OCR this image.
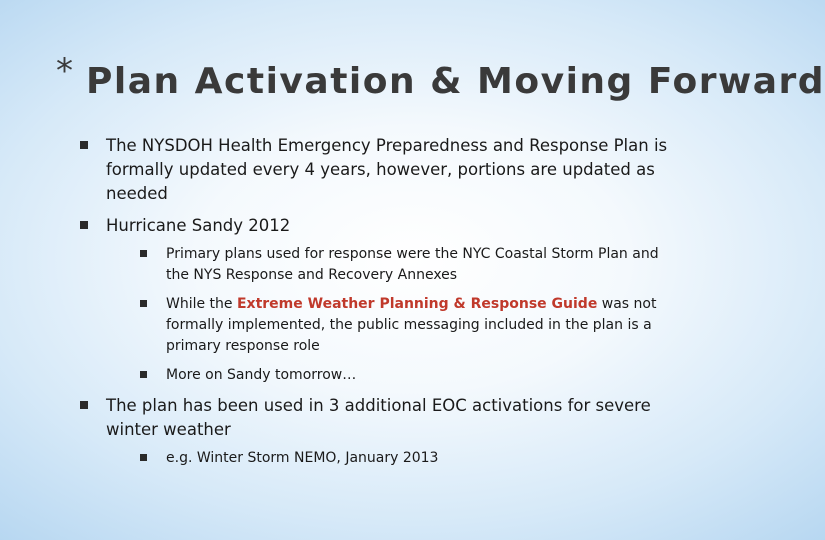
* Plan Activation & Moving Forward
The NYSDOH Health Emergency Preparedness and Response Plan is formally updated every 4 years, however, portions are updated as needed
Hurricane Sandy 2012
Primary plans used for response were the NYC Coastal Storm Plan and the NYS Response and Recovery Annexes
While the Extreme Weather Planning & Response Guide was not formally implemented, the public messaging included in the plan is a primary response role
More on Sandy tomorrow…
The plan has been used in 3 additional EOC activations for severe winter weather
e.g. Winter Storm NEMO, January 2013
